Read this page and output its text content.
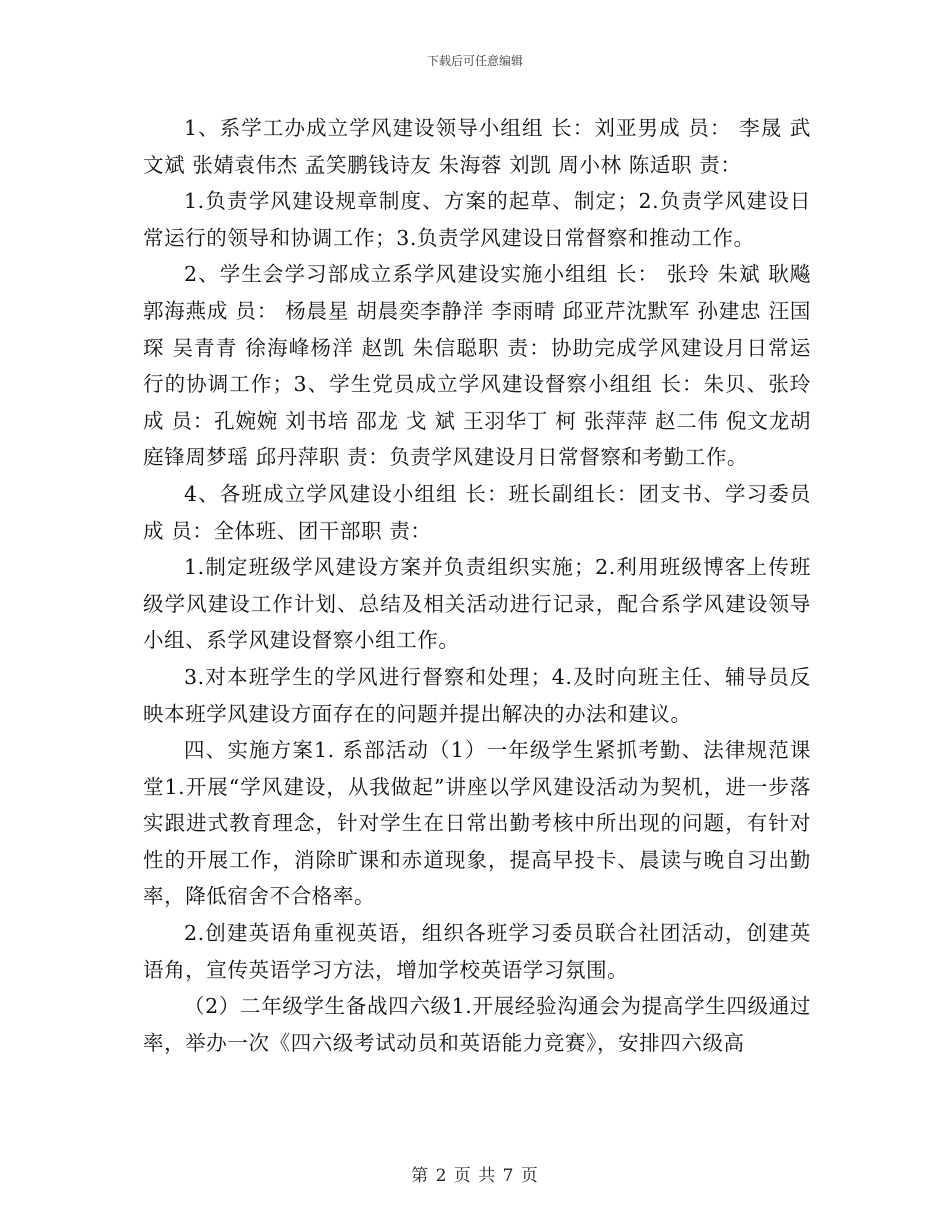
下载后可任意编辑

1、系学工办成立学风建设领导小组组 长：刘亚男成 员： 李晟 武文斌 张婧袁伟杰 孟笑鹏钱诗友 朱海蓉 刘凯 周小林 陈适职 责：

1.负责学风建设规章制度、方案的起草、制定；2.负责学风建设日常运行的领导和协调工作；3.负责学风建设日常督察和推动工作。

2、学生会学习部成立系学风建设实施小组组 长： 张玲 朱斌 耿飚郭海燕成 员： 杨晨星 胡晨奕李静洋 李雨晴 邱亚芹沈默军 孙建忠 汪国琛 吴青青 徐海峰杨洋 赵凯 朱信聪职 责：协助完成学风建设月日常运行的协调工作；3、学生党员成立学风建设督察小组组 长：朱贝、张玲成 员：孔婉婉 刘书培 邵龙 戈 斌 王羽华丁 柯 张萍萍 赵二伟 倪文龙胡庭锋周梦瑶 邱丹萍职 责：负责学风建设月日常督察和考勤工作。

4、各班成立学风建设小组组 长：班长副组长：团支书、学习委员成 员：全体班、团干部职 责：

1.制定班级学风建设方案并负责组织实施；2.利用班级博客上传班级学风建设工作计划、总结及相关活动进行记录，配合系学风建设领导小组、系学风建设督察小组工作。

3.对本班学生的学风进行督察和处理；4.及时向班主任、辅导员反映本班学风建设方面存在的问题并提出解决的办法和建议。

四、实施方案1. 系部活动（1）一年级学生紧抓考勤、法律规范课堂1.开展“学风建设，从我做起”讲座以学风建设活动为契机，进一步落实跟进式教育理念，针对学生在日常出勤考核中所出现的问题，有针对性的开展工作，消除旷课和赤道现象，提高早投卡、晨读与晚自习出勤率，降低宿舍不合格率。

2.创建英语角重视英语，组织各班学习委员联合社团活动，创建英语角，宣传英语学习方法，增加学校英语学习氛围。

（2）二年级学生备战四六级1.开展经验沟通会为提高学生四级通过率，举办一次《四六级考试动员和英语能力竞赛》，安排四六级高

第 2 页 共 7 页
